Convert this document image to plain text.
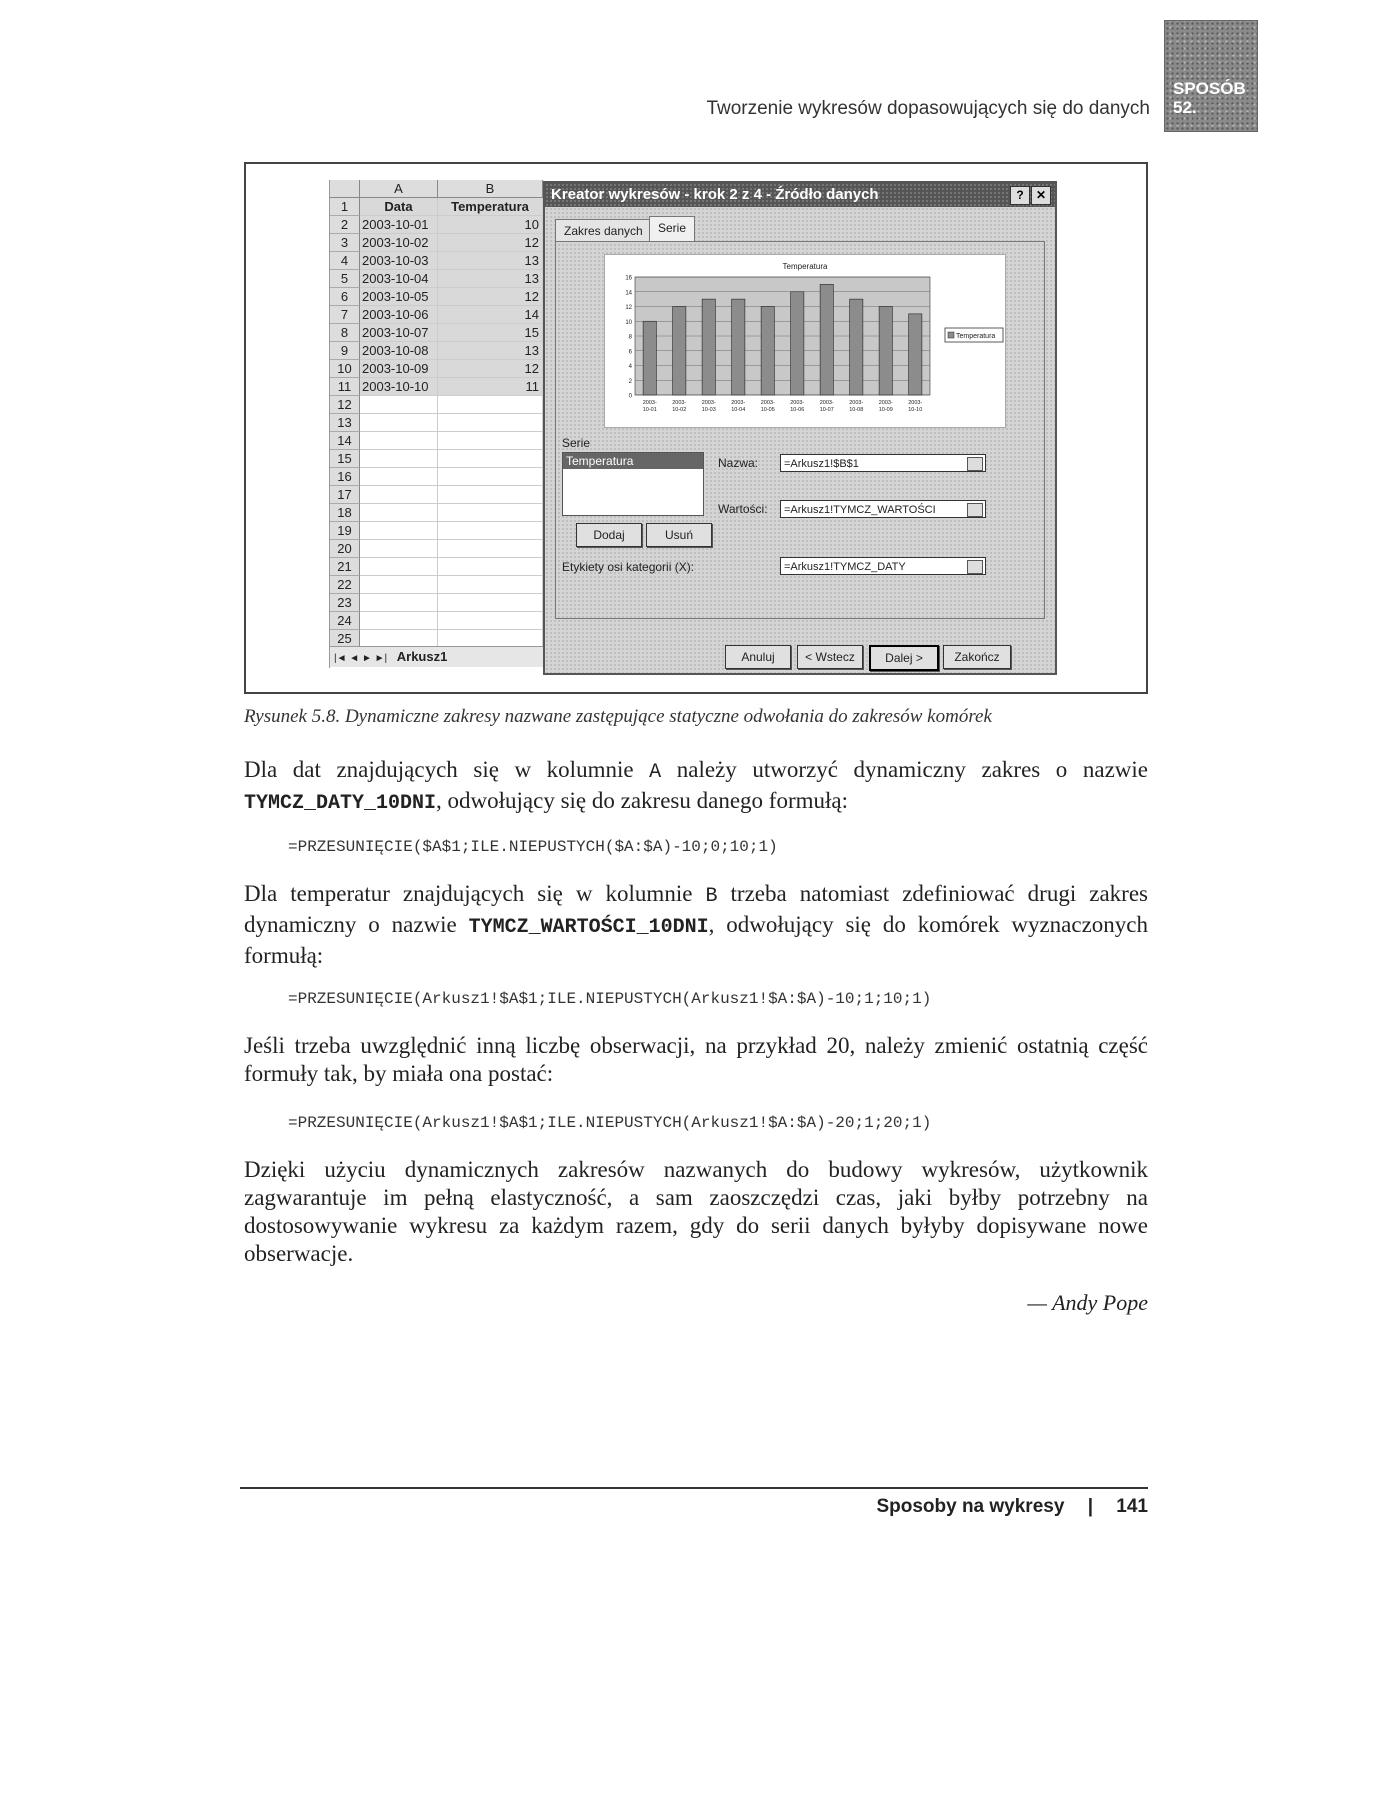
Tworzenie wykresów dopasowujących się do danych
SPOSÓB
52.
A	B
1	Data	Temperatura
2	2003-10-01	10
3	2003-10-02	12
4	2003-10-03	13
5	2003-10-04	13
6	2003-10-05	12
7	2003-10-06	14
8	2003-10-07	15
9	2003-10-08	13
10 2003-10-09	12
11 2003-10-10	11
12
13
14
15
16
17
18
19
20
21
22
23
24
25
|◄ ◄ ► ►| Arkusz1
Kreator wykresów - krok 2 z 4 - Źródło danych	?	✕
Zakres danych	Serie
Temperatura
0
2
4
6
8
10
12
14
16
2003-
10-01
2003-
10-02
2003-
10-03
2003-
10-04
2003-
10-05
2003-
10-06
2003-
10-07
2003-
10-08
2003-
10-09
2003-
10-10
Temperatura
Serie
Temperatura	Nazwa:	=Arkusz1!$B$1
Wartości:	=Arkusz1!TYMCZ_WARTOŚCI
Dodaj	Usuń
Etykiety osi kategorii (X):	=Arkusz1!TYMCZ_DATY
Anuluj	< Wstecz	Dalej >	Zakończ
Rysunek 5.8. Dynamiczne zakresy nazwane zastępujące statyczne odwołania do zakresów komórek
Dla dat znajdujących się w kolumnie A należy utworzyć dynamiczny zakres o nazwie TYMCZ_DATY_10DNI, odwołujący się do zakresu danego formułą:
=PRZESUNIĘCIE($A$1;ILE.NIEPUSTYCH($A:$A)-10;0;10;1)
Dla temperatur znajdujących się w kolumnie B trzeba natomiast zdefiniować drugi zakres dynamiczny o nazwie TYMCZ_WARTOŚCI_10DNI, odwołujący się do komórek wyznaczonych formułą:
=PRZESUNIĘCIE(Arkusz1!$A$1;ILE.NIEPUSTYCH(Arkusz1!$A:$A)-10;1;10;1)
Jeśli trzeba uwzględnić inną liczbę obserwacji, na przykład 20, należy zmienić ostatnią część formuły tak, by miała ona postać:
=PRZESUNIĘCIE(Arkusz1!$A$1;ILE.NIEPUSTYCH(Arkusz1!$A:$A)-20;1;20;1)
Dzięki użyciu dynamicznych zakresów nazwanych do budowy wykresów, użytkownik zagwarantuje im pełną elastyczność, a sam zaoszczędzi czas, jaki byłby potrzebny na dostosowywanie wykresu za każdym razem, gdy do serii danych byłyby dopisywane nowe obserwacje.
— Andy Pope
Sposoby na wykresy | 141
